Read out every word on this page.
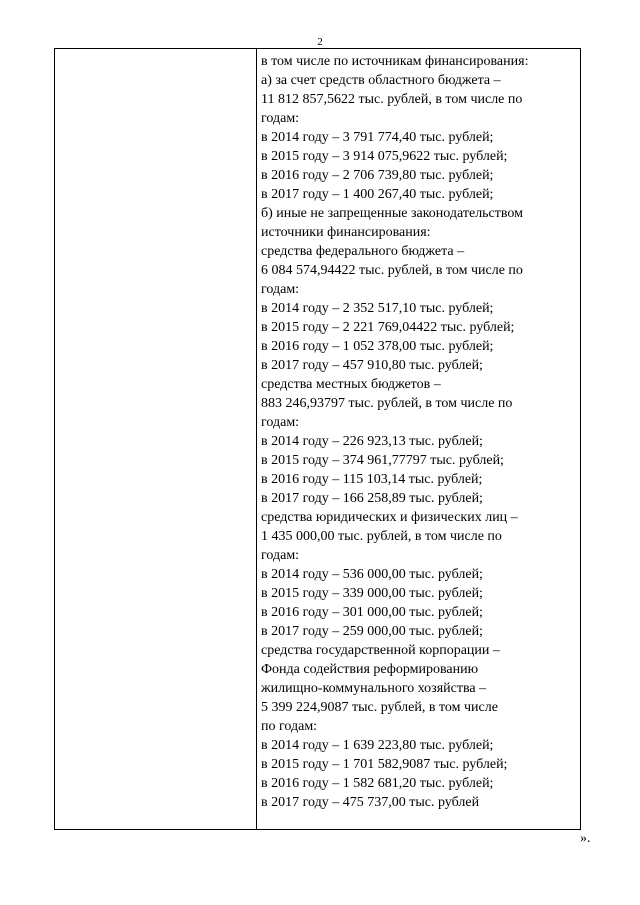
2
в том числе по источникам финансирования:
а) за счет средств областного бюджета –
11 812 857,5622 тыс. рублей, в том числе по
годам:
в 2014 году – 3 791 774,40 тыс. рублей;
в 2015 году – 3 914 075,9622 тыс. рублей;
в 2016 году – 2 706 739,80 тыс. рублей;
в 2017 году – 1 400 267,40 тыс. рублей;
б) иные не запрещенные законодательством
источники финансирования:
средства федерального бюджета –
6 084 574,94422 тыс. рублей, в том числе по
годам:
в 2014 году – 2 352 517,10 тыс. рублей;
в 2015 году – 2 221 769,04422 тыс. рублей;
в 2016 году – 1 052 378,00 тыс. рублей;
в 2017 году – 457 910,80 тыс. рублей;
средства местных бюджетов –
883 246,93797 тыс. рублей, в том числе по
годам:
в 2014 году – 226 923,13 тыс. рублей;
в 2015 году – 374 961,77797 тыс. рублей;
в 2016 году – 115 103,14 тыс. рублей;
в 2017 году – 166 258,89 тыс. рублей;
средства юридических и физических лиц –
1 435 000,00 тыс. рублей, в том числе по
годам:
в 2014 году – 536 000,00 тыс. рублей;
в 2015 году – 339 000,00 тыс. рублей;
в 2016 году – 301 000,00 тыс. рублей;
в 2017 году – 259 000,00 тыс. рублей;
средства государственной корпорации –
Фонда содействия реформированию
жилищно-коммунального хозяйства –
5 399 224,9087 тыс. рублей, в том числе
по годам:
в 2014 году – 1 639 223,80 тыс. рублей;
в 2015 году – 1 701 582,9087 тыс. рублей;
в 2016 году – 1 582 681,20 тыс. рублей;
в 2017 году – 475 737,00 тыс. рублей
».
